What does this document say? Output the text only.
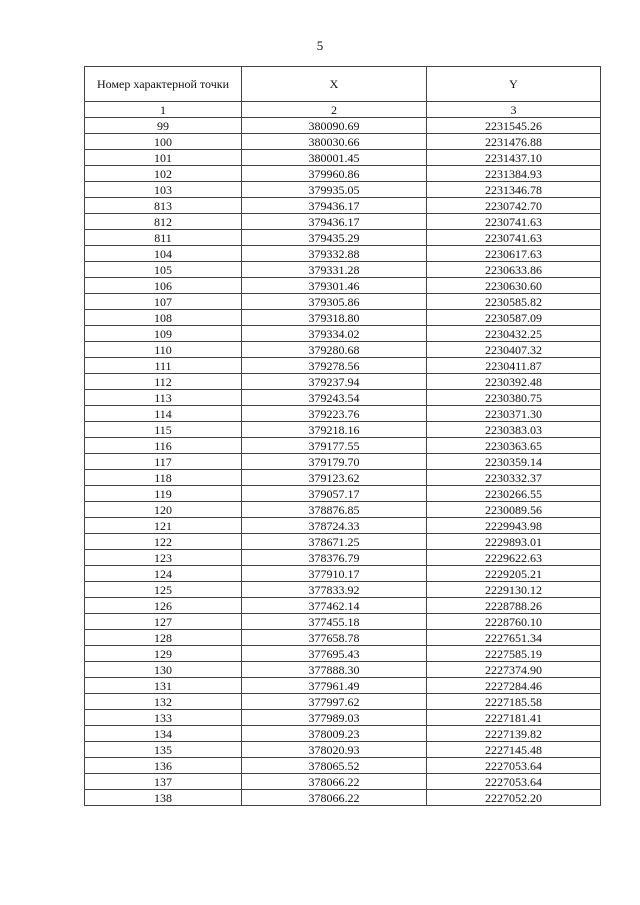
5
Номер характерной точки	X	Y
1	2	3
99	380090.69	2231545.26
100	380030.66	2231476.88
101	380001.45	2231437.10
102	379960.86	2231384.93
103	379935.05	2231346.78
813	379436.17	2230742.70
812	379436.17	2230741.63
811	379435.29	2230741.63
104	379332.88	2230617.63
105	379331.28	2230633.86
106	379301.46	2230630.60
107	379305.86	2230585.82
108	379318.80	2230587.09
109	379334.02	2230432.25
110	379280.68	2230407.32
111	379278.56	2230411.87
112	379237.94	2230392.48
113	379243.54	2230380.75
114	379223.76	2230371.30
115	379218.16	2230383.03
116	379177.55	2230363.65
117	379179.70	2230359.14
118	379123.62	2230332.37
119	379057.17	2230266.55
120	378876.85	2230089.56
121	378724.33	2229943.98
122	378671.25	2229893.01
123	378376.79	2229622.63
124	377910.17	2229205.21
125	377833.92	2229130.12
126	377462.14	2228788.26
127	377455.18	2228760.10
128	377658.78	2227651.34
129	377695.43	2227585.19
130	377888.30	2227374.90
131	377961.49	2227284.46
132	377997.62	2227185.58
133	377989.03	2227181.41
134	378009.23	2227139.82
135	378020.93	2227145.48
136	378065.52	2227053.64
137	378066.22	2227053.64
138	378066.22	2227052.20
